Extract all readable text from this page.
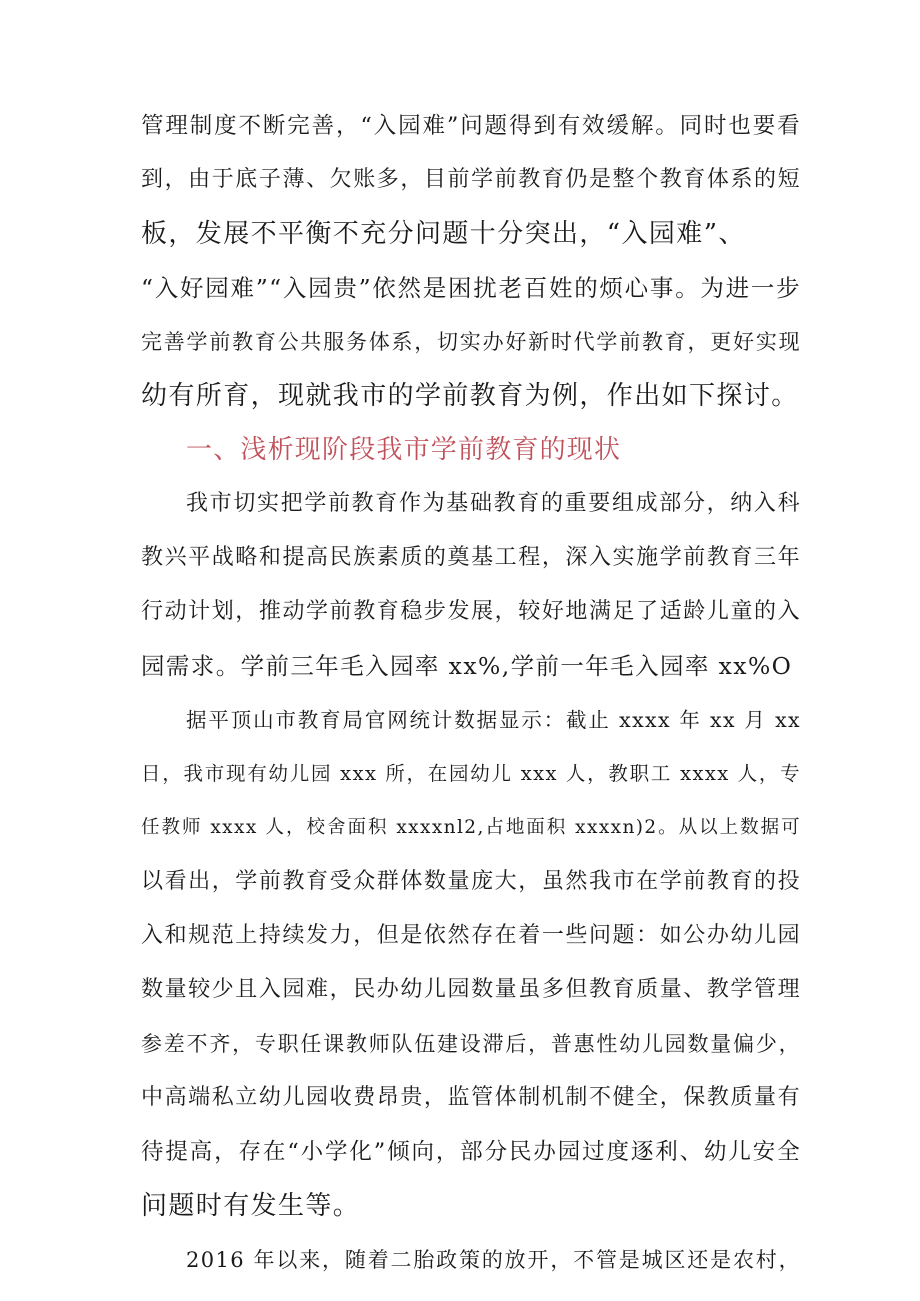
管理制度不断完善，“入园难”问题得到有效缓解。同时也要看
到，由于底子薄、欠账多，目前学前教育仍是整个教育体系的短
板，发展不平衡不充分问题十分突出，“入园难”、
“入好园难”“入园贵”依然是困扰老百姓的烦心事。为进一步
完善学前教育公共服务体系，切实办好新时代学前教育，更好实现
幼有所育，现就我市的学前教育为例，作出如下探讨。
一、浅析现阶段我市学前教育的现状
我市切实把学前教育作为基础教育的重要组成部分，纳入科
教兴平战略和提高民族素质的奠基工程，深入实施学前教育三年
行动计划，推动学前教育稳步发展，较好地满足了适龄儿童的入
园需求。学前三年毛入园率 xx%,学前一年毛入园率 xx%O
据平顶山市教育局官网统计数据显示：截止 xxxx 年 xx 月 xx
日，我市现有幼儿园 xxx 所，在园幼儿 xxx 人，教职工 xxxx 人，专
任教师 xxxx 人，校舍面积 xxxxnl2,占地面积 xxxxn)2。从以上数据可
以看出，学前教育受众群体数量庞大，虽然我市在学前教育的投
入和规范上持续发力，但是依然存在着一些问题：如公办幼儿园
数量较少且入园难，民办幼儿园数量虽多但教育质量、教学管理
参差不齐，专职任课教师队伍建设滞后，普惠性幼儿园数量偏少，
中高端私立幼儿园收费昂贵，监管体制机制不健全，保教质量有
待提高，存在“小学化”倾向，部分民办园过度逐利、幼儿安全
问题时有发生等。
2016 年以来，随着二胎政策的放开，不管是城区还是农村，
